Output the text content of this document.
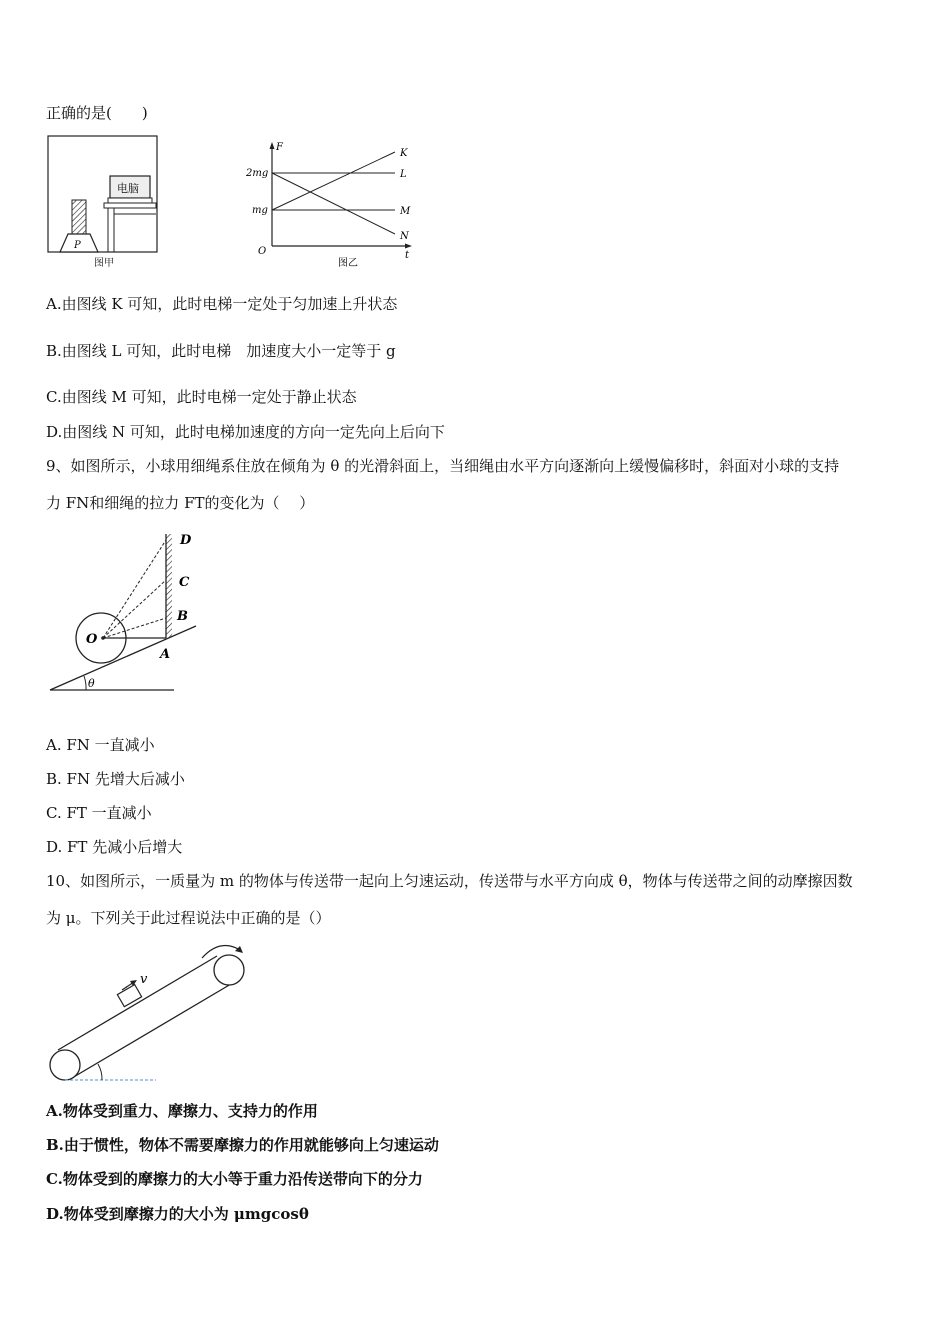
正确的是(　　)
电脑
P
图甲
F
t
O
2mg
mg
K
L
M
N
图乙
A.由图线 K 可知，此时电梯一定处于匀加速上升状态
B.由图线 L 可知，此时电梯　加速度大小一定等于 g
C.由图线 M 可知，此时电梯一定处于静止状态
D.由图线 N 可知，此时电梯加速度的方向一定先向上后向下
9、如图所示，小球用细绳系住放在倾角为 θ 的光滑斜面上，当细绳由水平方向逐渐向上缓慢偏移时，斜面对小球的支持
力 FN和细绳的拉力 FT的变化为（　 ）
θ
D
C
B
A
O
A. FN 一直减小
B. FN 先增大后减小
C. FT 一直减小
D. FT 先减小后增大
10、如图所示，一质量为 m 的物体与传送带一起向上匀速运动，传送带与水平方向成 θ，物体与传送带之间的动摩擦因数
为 μ。下列关于此过程说法中正确的是（）
v
A.物体受到重力、摩擦力、支持力的作用
B.由于惯性，物体不需要摩擦力的作用就能够向上匀速运动
C.物体受到的摩擦力的大小等于重力沿传送带向下的分力
D.物体受到摩擦力的大小为 μmgcosθ
